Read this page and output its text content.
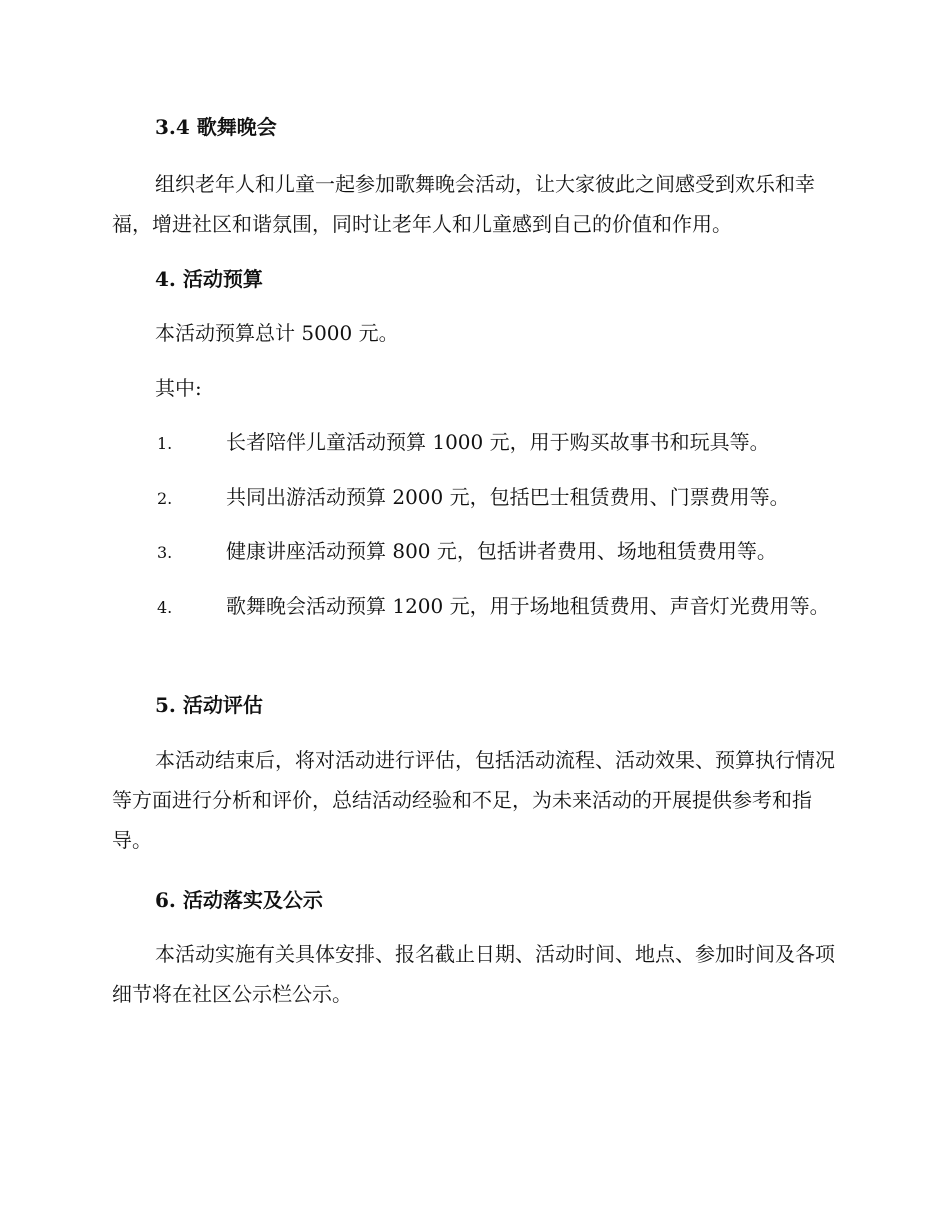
3.4 歌舞晚会

组织老年人和儿童一起参加歌舞晚会活动，让大家彼此之间感受到欢乐和幸福，增进社区和谐氛围，同时让老年人和儿童感到自己的价值和作用。

4. 活动预算
本活动预算总计 5000 元。
其中:

1.	长者陪伴儿童活动预算 1000 元，用于购买故事书和玩具等。

2.	共同出游活动预算 2000 元，包括巴士租赁费用、门票费用等。

3.	健康讲座活动预算 800 元，包括讲者费用、场地租赁费用等。

4.	歌舞晚会活动预算 1200 元，用于场地租赁费用、声音灯光费用等。

5. 活动评估

本活动结束后，将对活动进行评估，包括活动流程、活动效果、预算执行情况等方面进行分析和评价，总结活动经验和不足，为未来活动的开展提供参考和指导。

6. 活动落实及公示

本活动实施有关具体安排、报名截止日期、活动时间、地点、参加时间及各项细节将在社区公示栏公示。
